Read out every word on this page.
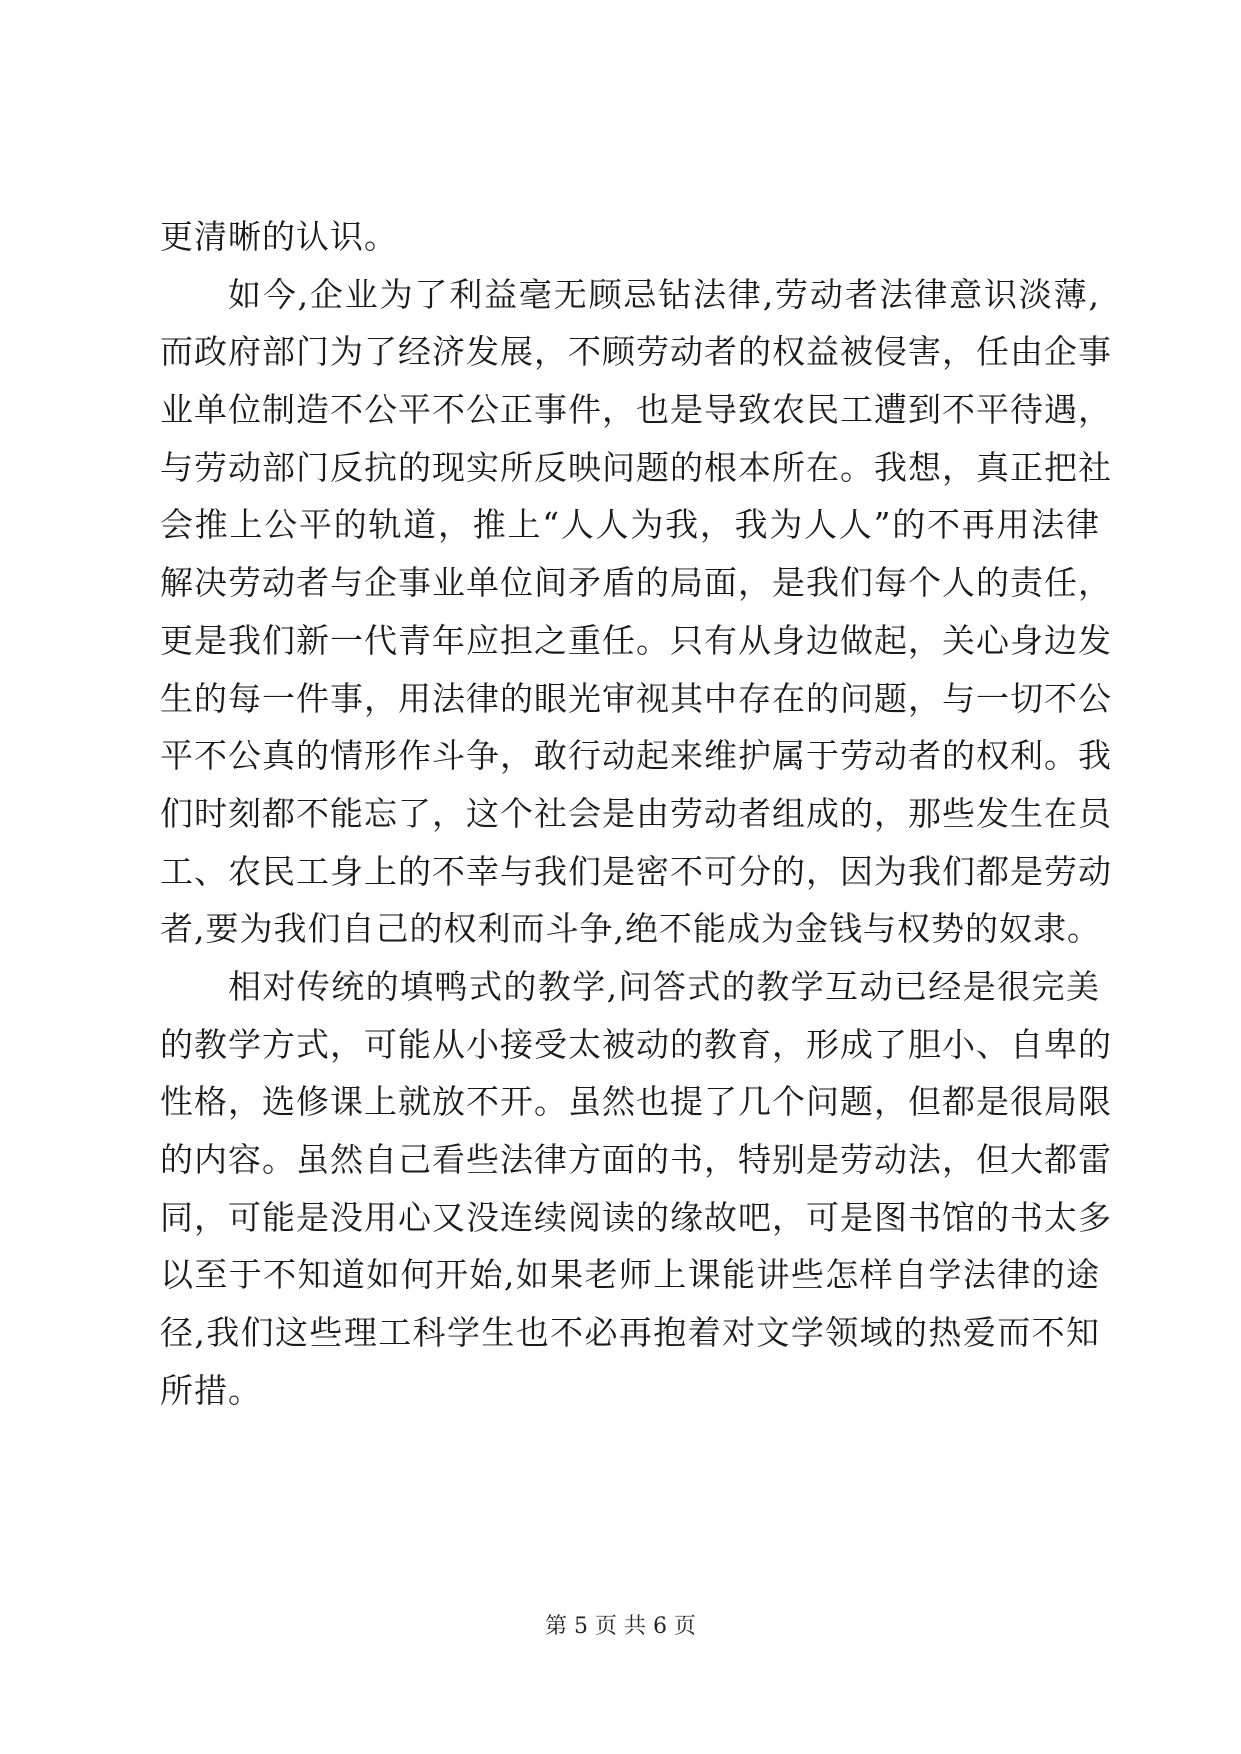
更清晰的认识。
如今,企业为了利益毫无顾忌钻法律,劳动者法律意识淡薄,
而政府部门为了经济发展，不顾劳动者的权益被侵害，任由企事
业单位制造不公平不公正事件，也是导致农民工遭到不平待遇，
与劳动部门反抗的现实所反映问题的根本所在。我想，真正把社
会推上公平的轨道，推上“人人为我，我为人人”的不再用法律
解决劳动者与企事业单位间矛盾的局面，是我们每个人的责任，
更是我们新一代青年应担之重任。只有从身边做起，关心身边发
生的每一件事，用法律的眼光审视其中存在的问题，与一切不公
平不公真的情形作斗争，敢行动起来维护属于劳动者的权利。我
们时刻都不能忘了，这个社会是由劳动者组成的，那些发生在员
工、农民工身上的不幸与我们是密不可分的，因为我们都是劳动
者,要为我们自己的权利而斗争,绝不能成为金钱与权势的奴隶。
相对传统的填鸭式的教学,问答式的教学互动已经是很完美
的教学方式，可能从小接受太被动的教育，形成了胆小、自卑的
性格，选修课上就放不开。虽然也提了几个问题，但都是很局限
的内容。虽然自己看些法律方面的书，特别是劳动法，但大都雷
同，可能是没用心又没连续阅读的缘故吧，可是图书馆的书太多
以至于不知道如何开始,如果老师上课能讲些怎样自学法律的途
径,我们这些理工科学生也不必再抱着对文学领域的热爱而不知
所措。
第 5 页 共 6 页
